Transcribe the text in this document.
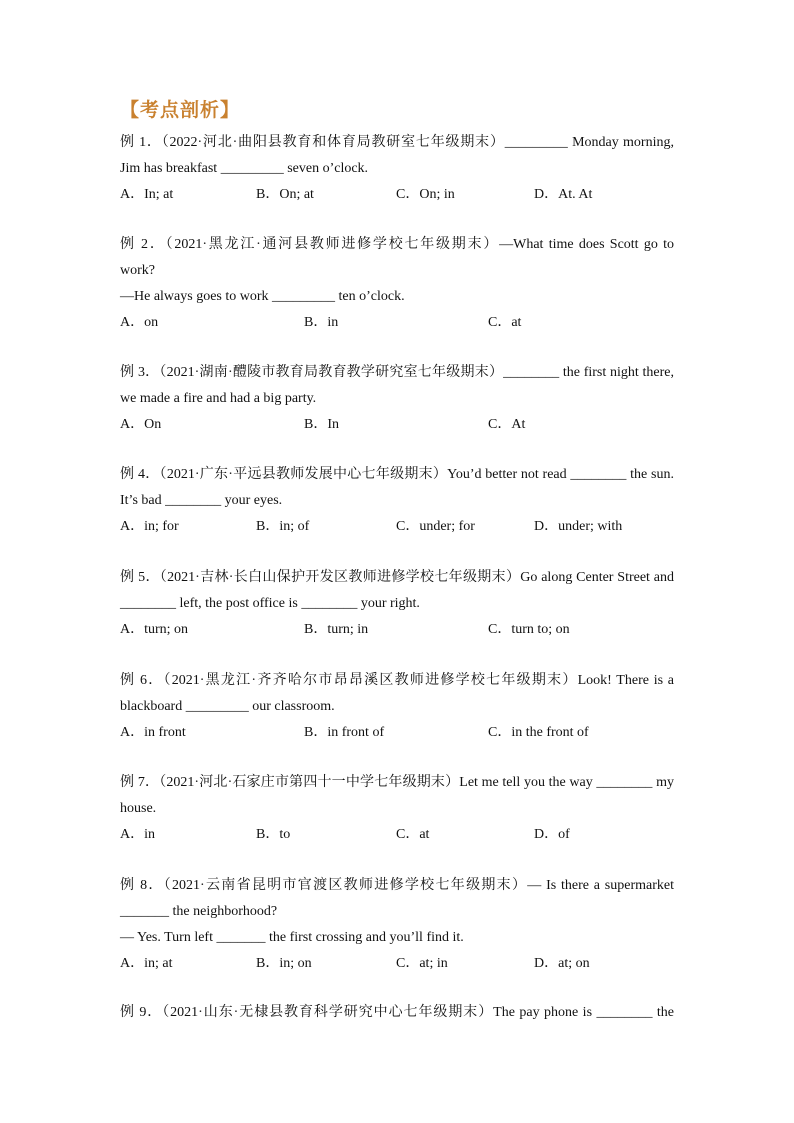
【考点剖析】
例 1．（2022·河北·曲阳县教育和体育局教研室七年级期末）_________ Monday morning,
Jim has breakfast _________ seven o’clock.
A．In; at	B．On; at	C．On; in	D．At. At
例 2．（2021·黑龙江·通河县教师进修学校七年级期末）—What time does Scott go to
work?
—He always goes to work _________ ten o’clock.
A．on	B．in	C．at
例 3．（2021·湖南·醴陵市教育局教育教学研究室七年级期末）________ the first night there,
we made a fire and had a big party.
A．On	B．In	C．At
例 4．（2021·广东·平远县教师发展中心七年级期末）You’d better not read ________ the sun.
It’s bad ________ your eyes.
A．in; for	B．in; of	C．under; for	D．under; with
例 5．（2021·吉林·长白山保护开发区教师进修学校七年级期末）Go along Center Street and
________ left, the post office is ________ your right.
A．turn; on	B．turn; in	C．turn to; on
例 6．（2021·黑龙江·齐齐哈尔市昂昂溪区教师进修学校七年级期末）Look! There is a
blackboard _________ our classroom.
A．in front	B．in front of	C．in the front of
例 7．（2021·河北·石家庄市第四十一中学七年级期末）Let me tell you the way ________ my
house.
A．in	B．to	C．at	D．of
例 8．（2021·云南省昆明市官渡区教师进修学校七年级期末）— Is there a supermarket
_______ the neighborhood?
— Yes. Turn left _______ the first crossing and you’ll find it.
A．in; at	B．in; on	C．at; in	D．at; on
例 9．（2021·山东·无棣县教育科学研究中心七年级期末）The pay phone is ________ the
